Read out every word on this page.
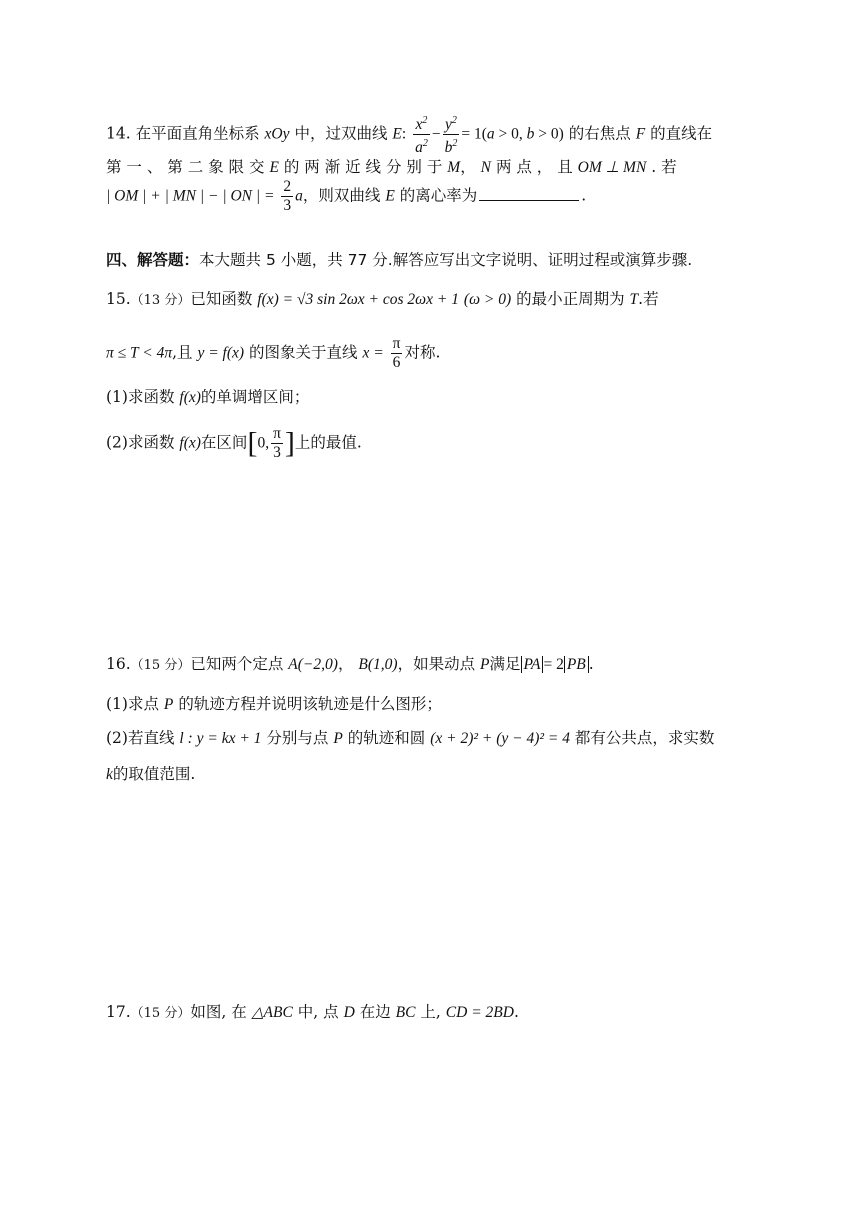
14. 在平面直角坐标系 xOy 中，过双曲线 E: $\frac{x^2}{a^2} - \frac{y^2}{b^2} = 1(a > 0$, b > 0) 的右焦点 F 的直线在
第 一 、 第 二 象 限 交 E 的 两 渐 近 线 分 别 于 M， N 两 点 ， 且 OM ⊥ MN . 若
| OM | + | MN | − | ON | = $\frac{2}{3}$ a，则双曲线 E 的离心率为	.
四、解答题：本大题共 5 小题，共 77 分.解答应写出文字说明、证明过程或演算步骤.
15.（13 分）已知函数 f(x) = √3 sin 2ωx + cos 2ωx + 1 (ω > 0) 的最小正周期为 T.若
π ≤ T < 4π,且 y = f(x) 的图象关于直线 $x = \frac{\pi}{6}$ 对称.
(1)求函数 f(x)的单调增区间；
(2)求函数 f(x)在区间[0, $\frac{\pi}{3}$ ]上的最值.
16.（15 分）已知两个定点 A(−2,0)， B(1,0)，如果动点 P满足 PA = 2 PB .
(1)求点 P 的轨迹方程并说明该轨迹是什么图形；
(2)若直线 l : y = kx + 1 分别与点 P 的轨迹和圆 (x + 2)² + (y − 4)² = 4 都有公共点，求实数
k的取值范围.
17.（15 分）如图, 在 △ABC 中, 点 D 在边 BC 上, CD = 2BD.
